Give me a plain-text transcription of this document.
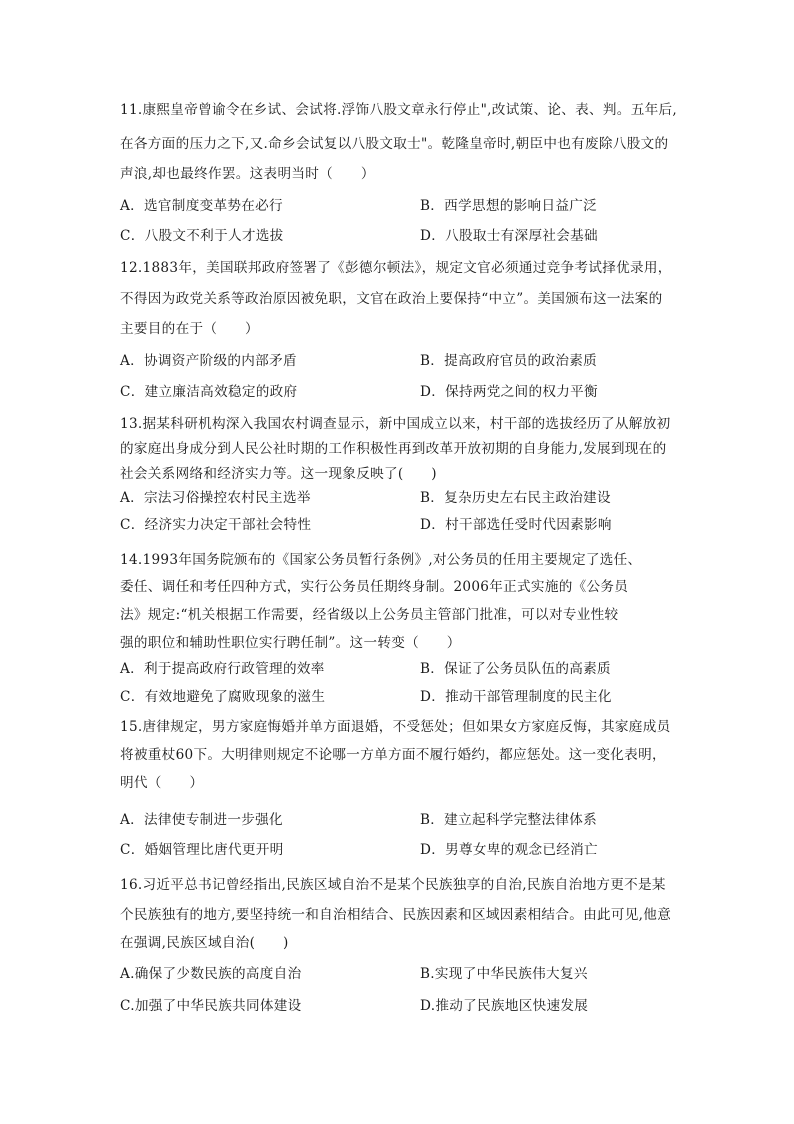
11.康熙皇帝曾谕令在乡试、会试将.浮饰八股文章永行停止",改试策、论、表、判。五年后,
在各方面的压力之下,又.命乡会试复以八股文取士"。乾隆皇帝时,朝臣中也有废除八股文的
声浪,却也最终作罢。这表明当时（　　）
A．选官制度变革势在必行	B．西学思想的影响日益广泛
C．八股文不利于人才选拔	D．八股取士有深厚社会基础
12.1883年，美国联邦政府签署了《彭德尔顿法》，规定文官必须通过竞争考试择优录用，
不得因为政党关系等政治原因被免职，文官在政治上要保持“中立”。美国颁布这一法案的
主要目的在于（　　）
A．协调资产阶级的内部矛盾	B．提高政府官员的政治素质
C．建立廉洁高效稳定的政府	D．保持两党之间的权力平衡
13.据某科研机构深入我国农村调查显示，新中国成立以来，村干部的选拔经历了从解放初
的家庭出身成分到人民公社时期的工作积极性再到改革开放初期的自身能力,发展到现在的
社会关系网络和经济实力等。这一现象反映了(　　)
A．宗法习俗操控农村民主选举	B．复杂历史左右民主政治建设
C．经济实力决定干部社会特性	D．村干部选任受时代因素影响
14.1993年国务院颁布的《国家公务员暂行条例》,对公务员的任用主要规定了选任、
委任、调任和考任四种方式，实行公务员任期终身制。2006年正式实施的《公务员
法》规定:“机关根据工作需要，经省级以上公务员主管部门批准，可以对专业性较
强的职位和辅助性职位实行聘任制”。这一转变（　　）
A．利于提高政府行政管理的效率	B．保证了公务员队伍的高素质
C．有效地避免了腐败现象的滋生	D．推动干部管理制度的民主化
15.唐律规定，男方家庭悔婚并单方面退婚，不受惩处；但如果女方家庭反悔，其家庭成员
将被重杖60下。大明律则规定不论哪一方单方面不履行婚约，都应惩处。这一变化表明，
明代（　　）
A．法律使专制进一步强化	B．建立起科学完整法律体系
C．婚姻管理比唐代更开明	D．男尊女卑的观念已经消亡
16.习近平总书记曾经指出,民族区域自治不是某个民族独享的自治,民族自治地方更不是某
个民族独有的地方,要坚持统一和自治相结合、民族因素和区域因素相结合。由此可见,他意
在强调,民族区域自治(　　)
A.确保了少数民族的高度自治	B.实现了中华民族伟大复兴
C.加强了中华民族共同体建设	D.推动了民族地区快速发展
